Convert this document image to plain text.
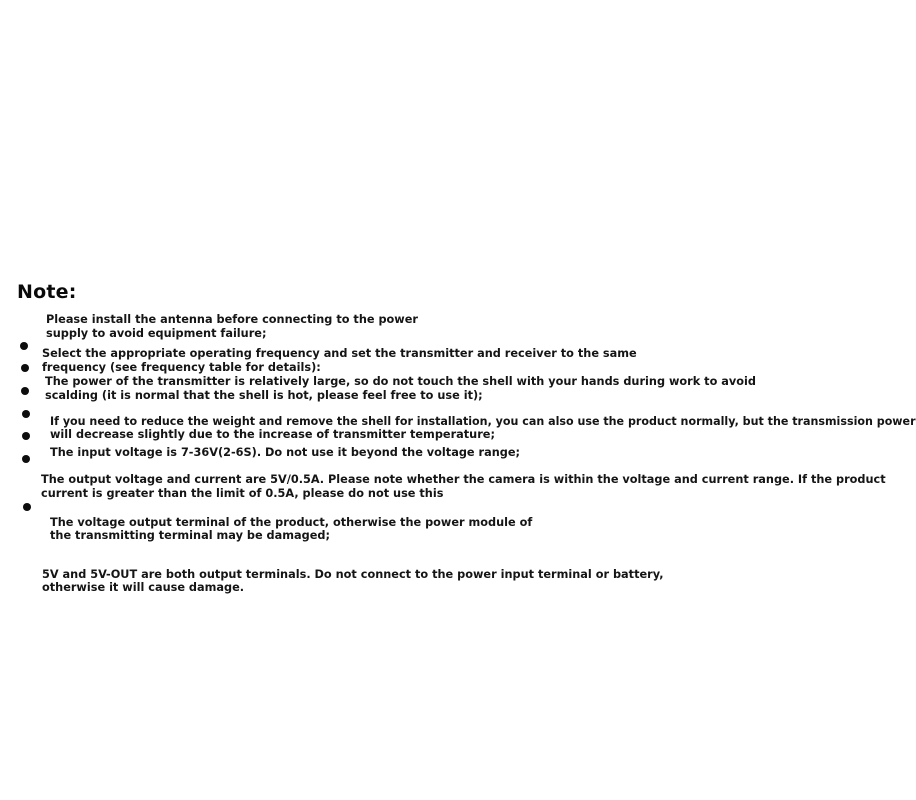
Note:
Please install the antenna before connecting to the power
supply to avoid equipment failure;
Select the appropriate operating frequency and set the transmitter and receiver to the same
frequency (see frequency table for details):
The power of the transmitter is relatively large, so do not touch the shell with your hands during work to avoid
scalding (it is normal that the shell is hot, please feel free to use it);
If you need to reduce the weight and remove the shell for installation, you can also use the product normally, but the transmission power
will decrease slightly due to the increase of transmitter temperature;
The input voltage is 7-36V(2-6S). Do not use it beyond the voltage range;
The output voltage and current are 5V/0.5A. Please note whether the camera is within the voltage and current range. If the product
current is greater than the limit of 0.5A, please do not use this
The voltage output terminal of the product, otherwise the power module of
the transmitting terminal may be damaged;
5V and 5V-OUT are both output terminals. Do not connect to the power input terminal or battery,
otherwise it will cause damage.
